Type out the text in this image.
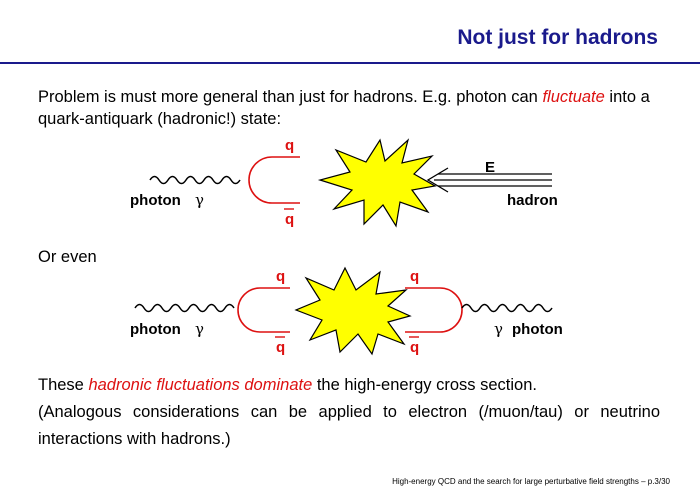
Not just for hadrons
Problem is must more general than just for hadrons. E.g. photon can fluctuate into a quark-antiquark (hadronic!) state:
Or even
These hadronic fluctuations dominate the high-energy cross section.
(Analogous considerations can be applied to electron (/muon/tau) or neutrino
interactions with hadrons.)
q
q
E
photon γ	hadron
q
q
q
q
photon γ	γ photon
High-energy QCD and the search for large perturbative field strengths – p.3/30
